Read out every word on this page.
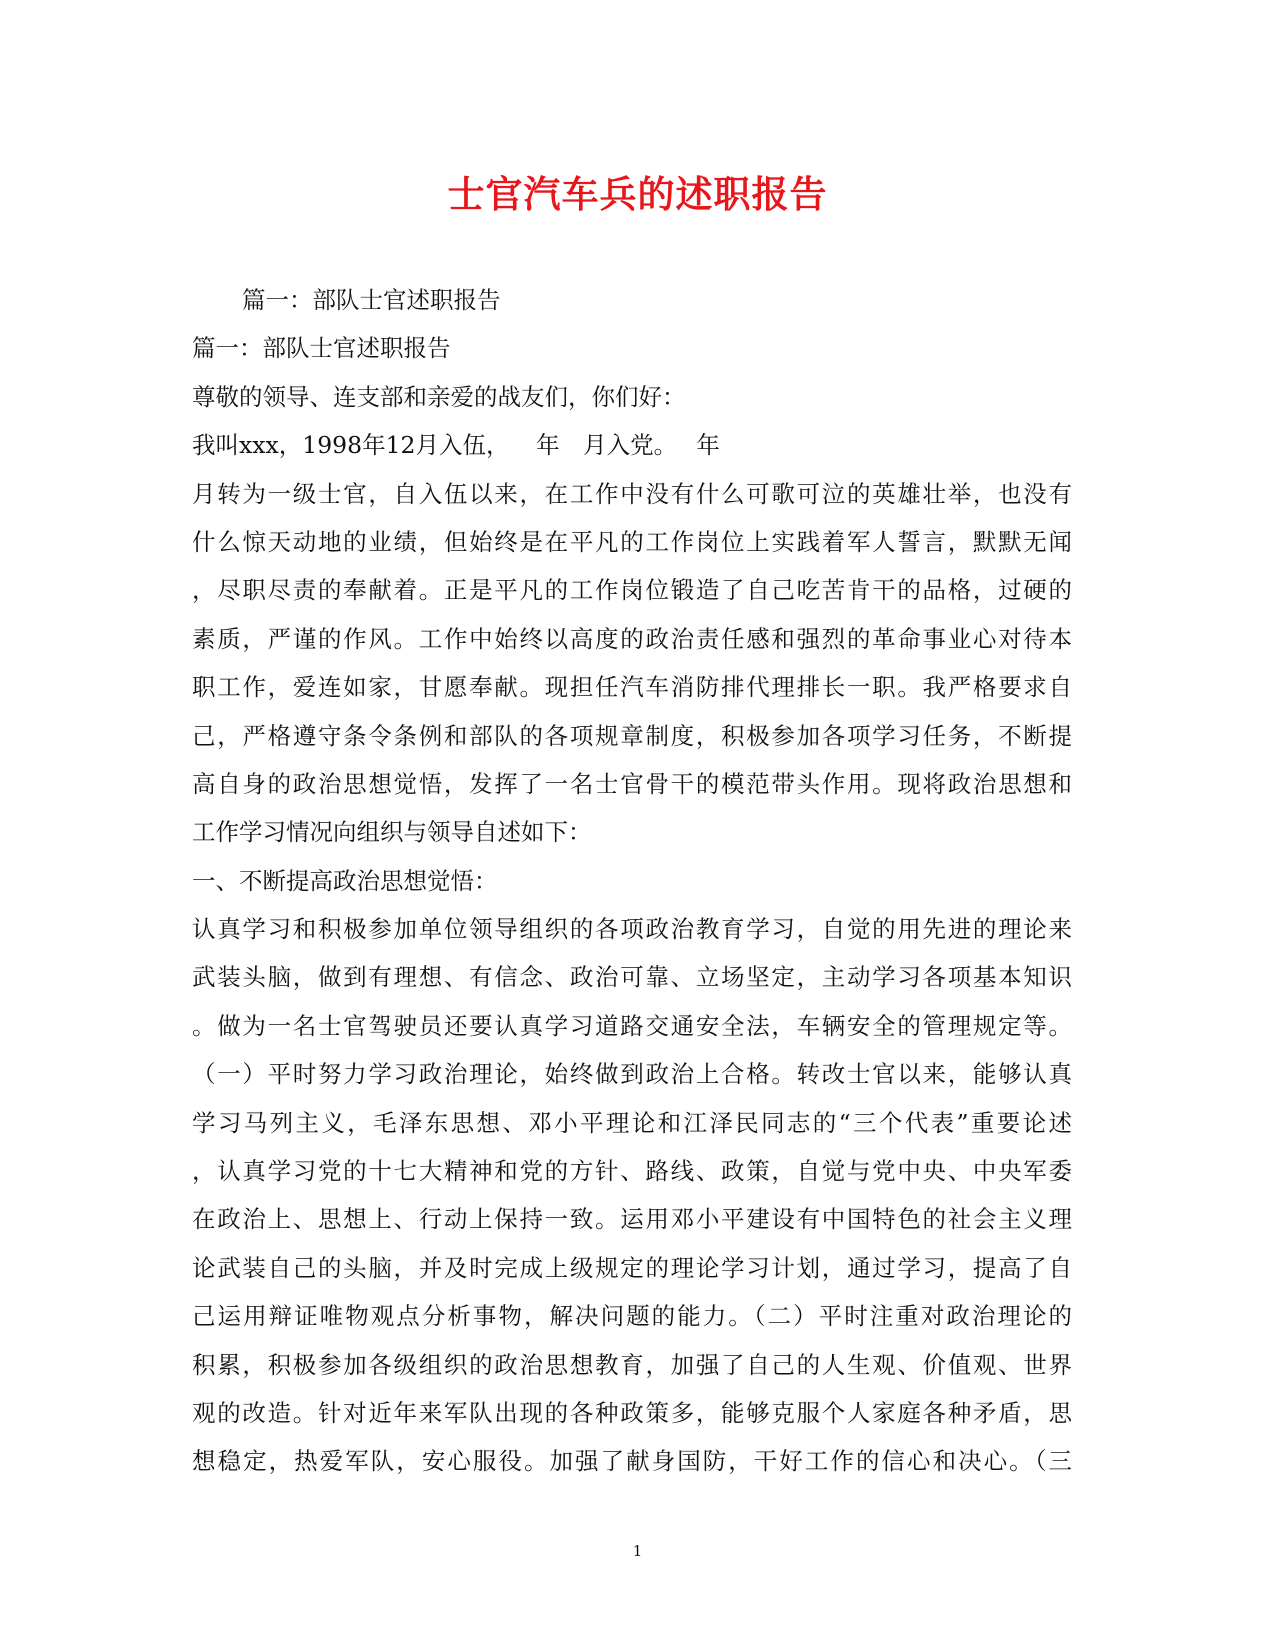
士官汽车兵的述职报告
篇一：部队士官述职报告
篇一：部队士官述职报告
尊敬的领导、连支部和亲爱的战友们，你们好：
我叫xxx，1998年12月入伍，　  年　月入党。　 年
月转为一级士官，自入伍以来，在工作中没有什么可歌可泣的英雄壮举，也没有
什么惊天动地的业绩，但始终是在平凡的工作岗位上实践着军人誓言，默默无闻
，尽职尽责的奉献着。正是平凡的工作岗位锻造了自己吃苦肯干的品格，过硬的
素质，严谨的作风。工作中始终以高度的政治责任感和强烈的革命事业心对待本
职工作，爱连如家，甘愿奉献。现担任汽车消防排代理排长一职。我严格要求自
己，严格遵守条令条例和部队的各项规章制度，积极参加各项学习任务，不断提
高自身的政治思想觉悟，发挥了一名士官骨干的模范带头作用。现将政治思想和
工作学习情况向组织与领导自述如下：
一、不断提高政治思想觉悟：
认真学习和积极参加单位领导组织的各项政治教育学习，自觉的用先进的理论来
武装头脑，做到有理想、有信念、政治可靠、立场坚定，主动学习各项基本知识
。做为一名士官驾驶员还要认真学习道路交通安全法，车辆安全的管理规定等。
（一）平时努力学习政治理论，始终做到政治上合格。转改士官以来，能够认真
学习马列主义，毛泽东思想、邓小平理论和江泽民同志的“三个代表”重要论述
，认真学习党的十七大精神和党的方针、路线、政策，自觉与党中央、中央军委
在政治上、思想上、行动上保持一致。运用邓小平建设有中国特色的社会主义理
论武装自己的头脑，并及时完成上级规定的理论学习计划，通过学习，提高了自
己运用辩证唯物观点分析事物，解决问题的能力。（二）平时注重对政治理论的
积累，积极参加各级组织的政治思想教育，加强了自己的人生观、价值观、世界
观的改造。针对近年来军队出现的各种政策多，能够克服个人家庭各种矛盾，思
想稳定，热爱军队，安心服役。加强了献身国防，干好工作的信心和决心。（三
1
